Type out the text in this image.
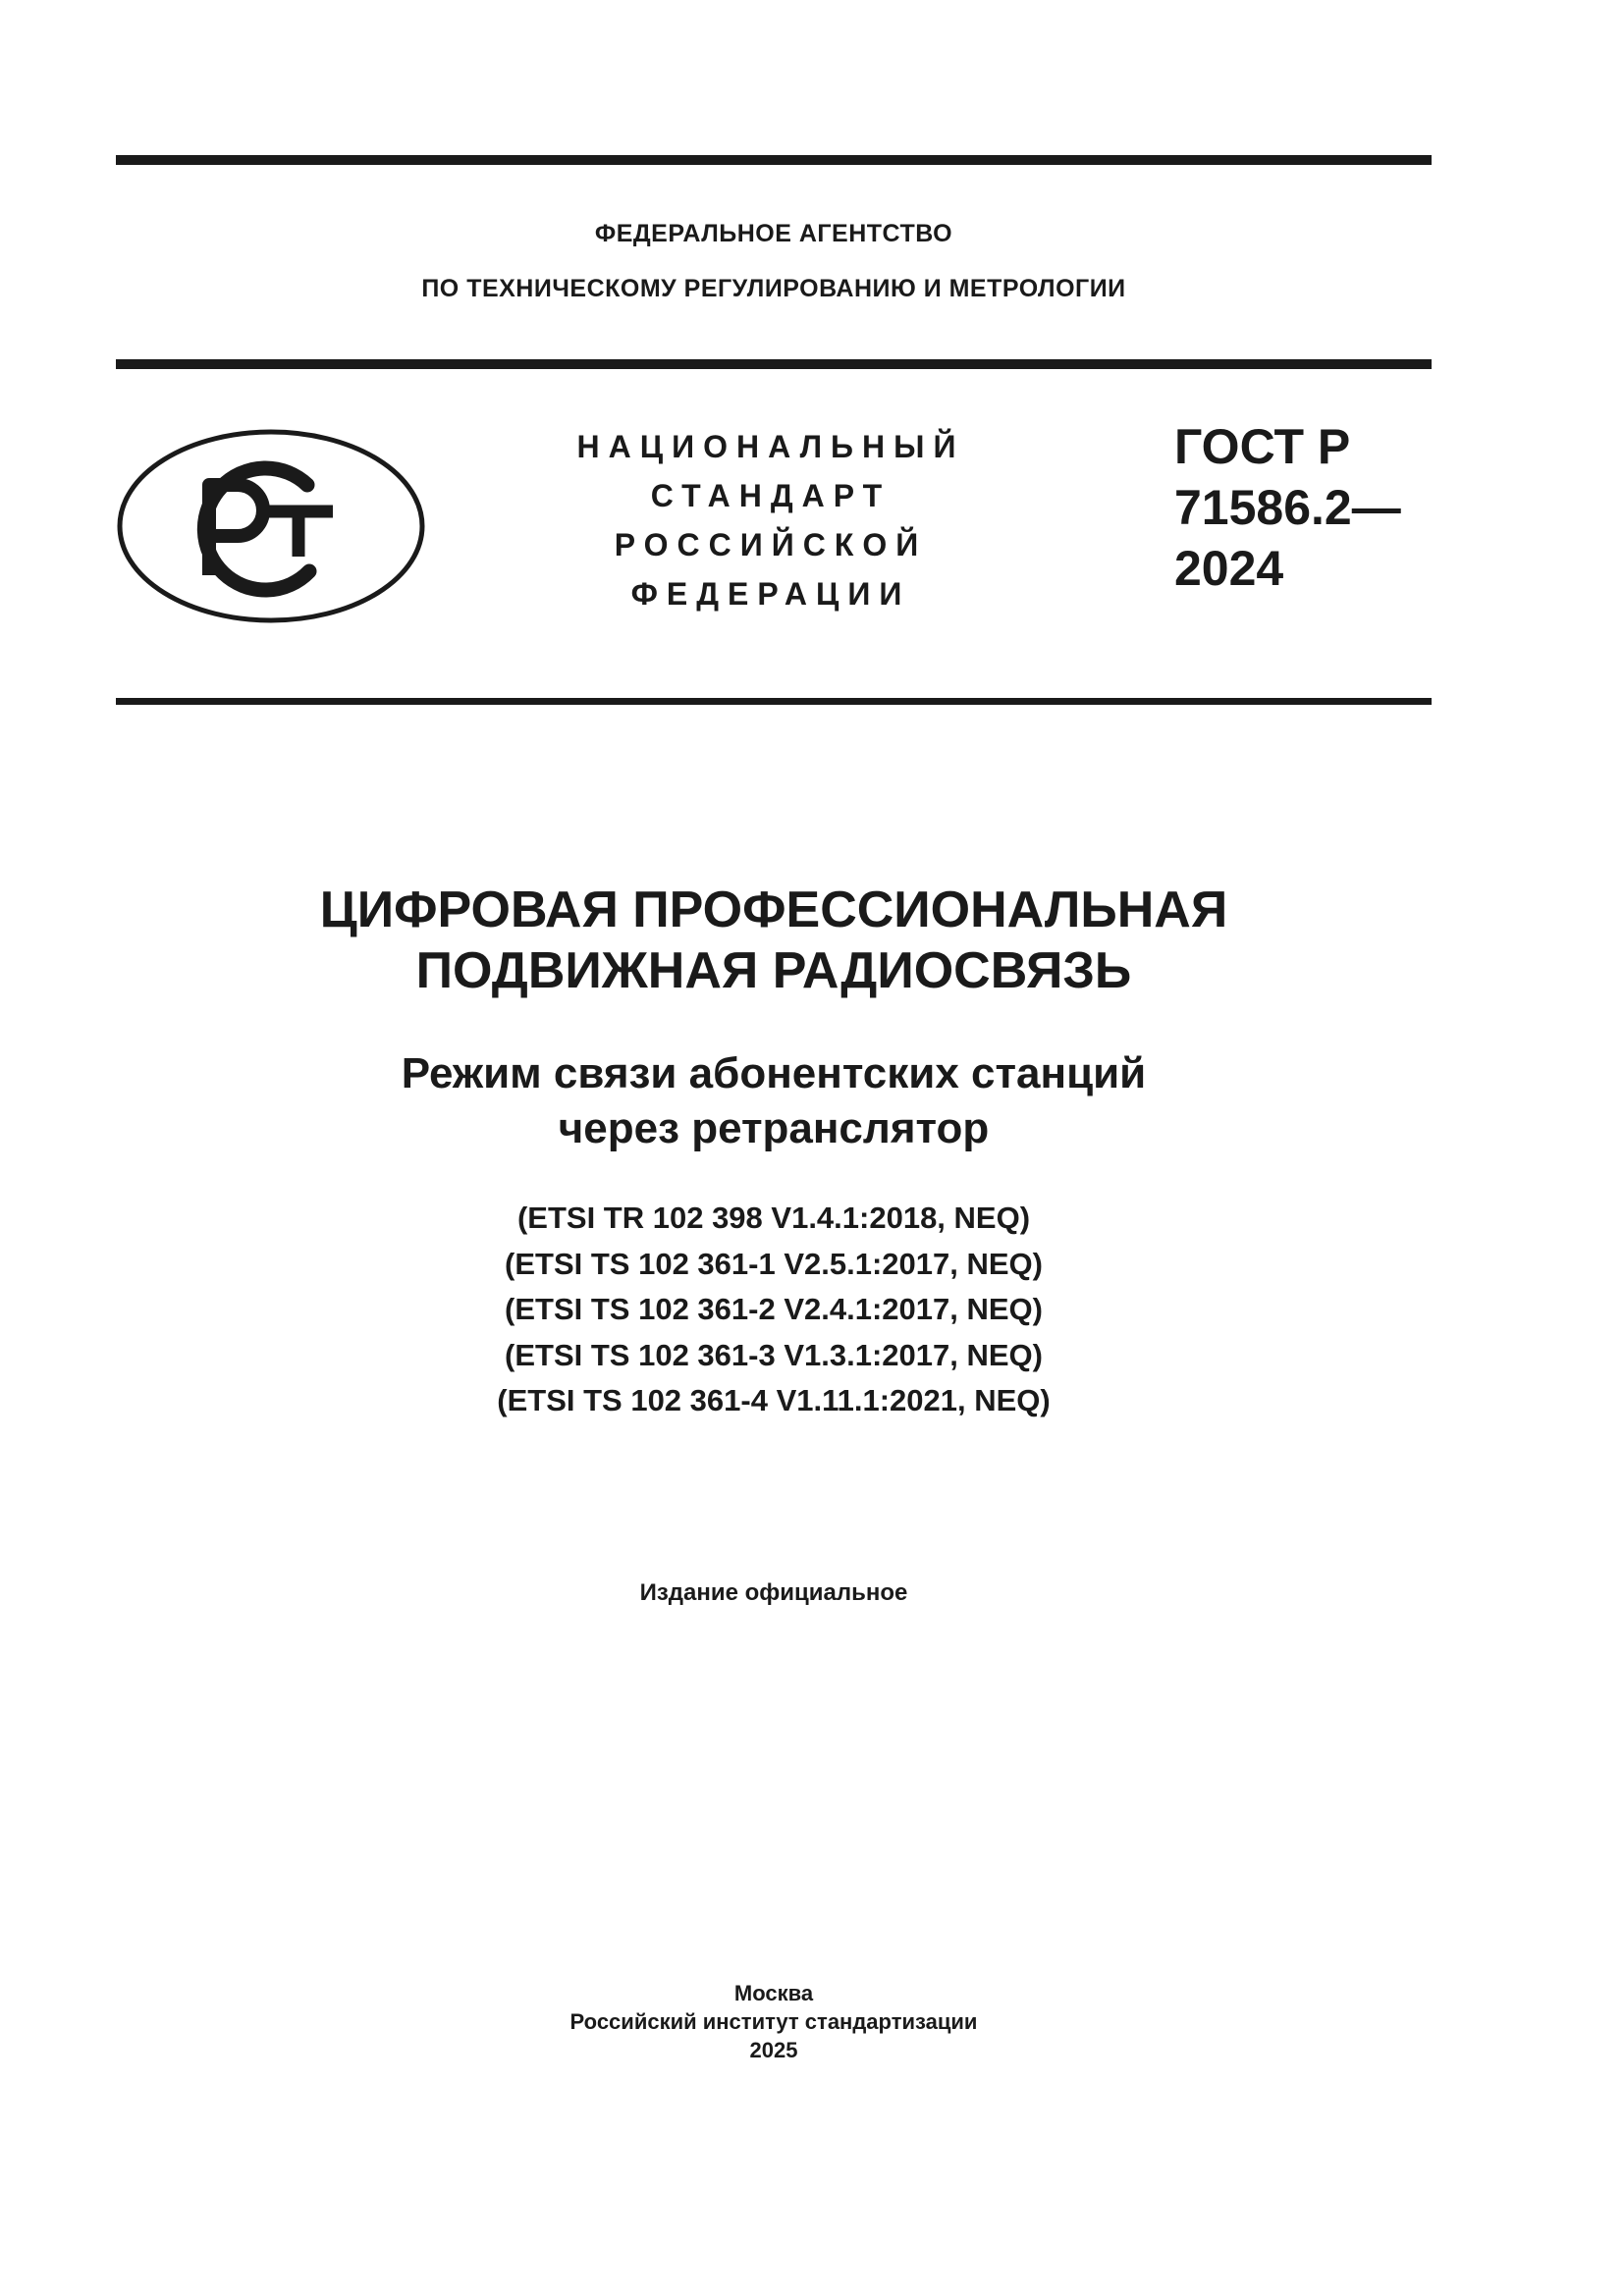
ФЕДЕРАЛЬНОЕ АГЕНТСТВО
ПО ТЕХНИЧЕСКОМУ РЕГУЛИРОВАНИЮ И МЕТРОЛОГИИ
НАЦИОНАЛЬНЫЙ
СТАНДАРТ
РОССИЙСКОЙ
ФЕДЕРАЦИИ
ГОСТ Р
71586.2—
2024
ЦИФРОВАЯ ПРОФЕССИОНАЛЬНАЯ
ПОДВИЖНАЯ РАДИОСВЯЗЬ
Режим связи абонентских станций
через ретранслятор
(ETSI TR 102 398 V1.4.1:2018, NEQ)
(ETSI TS 102 361-1 V2.5.1:2017, NEQ)
(ETSI TS 102 361-2 V2.4.1:2017, NEQ)
(ETSI TS 102 361-3 V1.3.1:2017, NEQ)
(ETSI TS 102 361-4 V1.11.1:2021, NEQ)
Издание официальное
Москва
Российский институт стандартизации
2025
